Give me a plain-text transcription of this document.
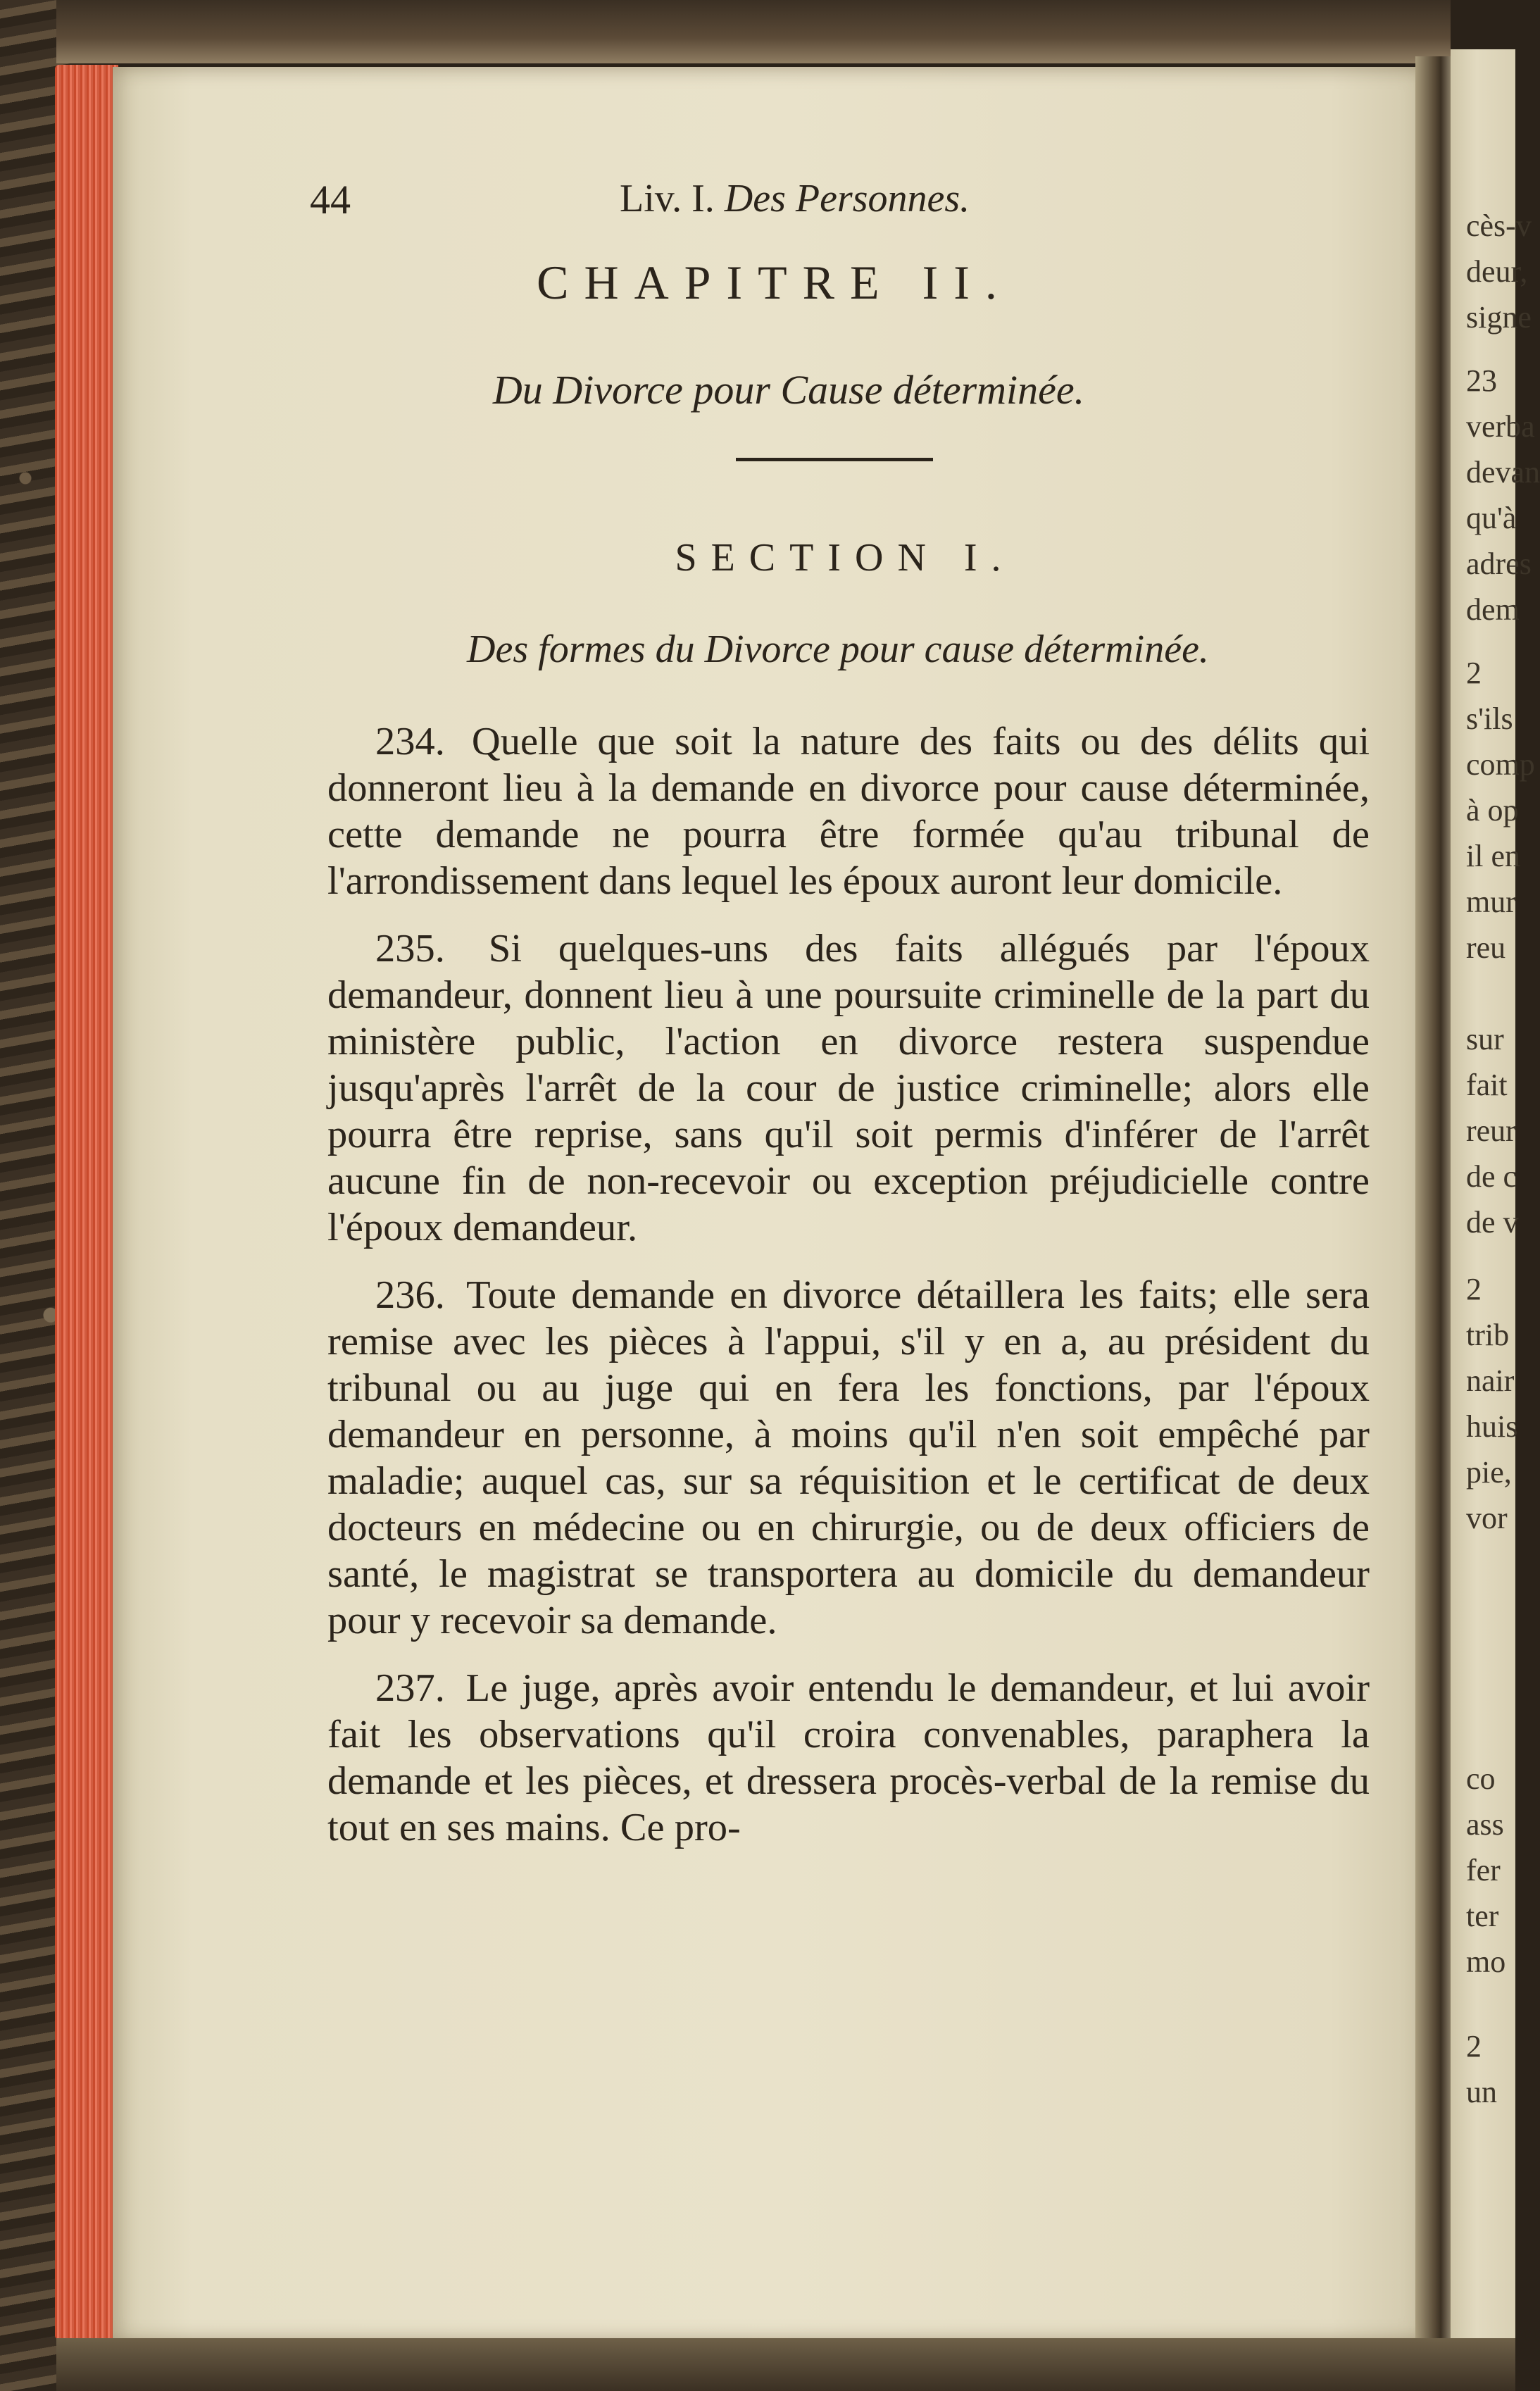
cès-v
deur,
signe
23
verba
devan
qu'à
adres
dem
2
s'ils
comp
à op
il en
mur
reu
sur
fait
reur
de c
de v
2
trib
nair
huis
pie,
vor
co
ass
fer
ter
mo
2
un
44	Liv. I. Des Personnes.
CHAPITRE II.
Du Divorce pour Cause déterminée.
SECTION I.
Des formes du Divorce pour cause déterminée.

234. Quelle que soit la nature des faits ou des délits qui donneront lieu à la demande en divorce pour cause déterminée, cette demande ne pourra être formée qu'au tribunal de l'arrondissement dans lequel les époux auront leur domicile.

235. Si quelques-uns des faits allégués par l'époux demandeur, donnent lieu à une poursuite criminelle de la part du ministère public, l'action en divorce restera suspendue jusqu'après l'arrêt de la cour de justice criminelle; alors elle pourra être reprise, sans qu'il soit permis d'inférer de l'arrêt aucune fin de non-recevoir ou exception préjudicielle contre l'époux demandeur.

236. Toute demande en divorce détaillera les faits; elle sera remise avec les pièces à l'appui, s'il y en a, au président du tribunal ou au juge qui en fera les fonctions, par l'époux demandeur en personne, à moins qu'il n'en soit empêché par maladie; auquel cas, sur sa réquisition et le certificat de deux docteurs en médecine ou en chirurgie, ou de deux officiers de santé, le magistrat se transportera au domicile du demandeur pour y recevoir sa demande.

237. Le juge, après avoir entendu le demandeur, et lui avoir fait les observations qu'il croira convenables, paraphera la demande et les pièces, et dressera procès-verbal de la remise du tout en ses mains. Ce pro-
